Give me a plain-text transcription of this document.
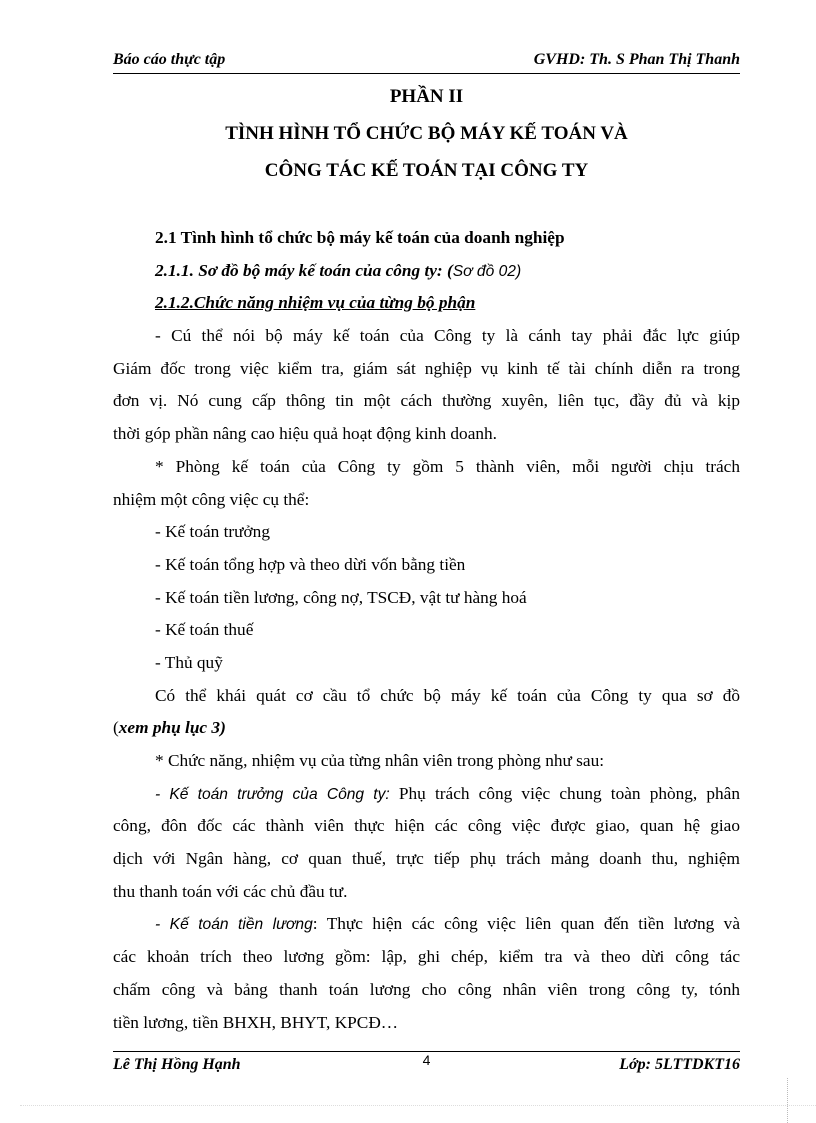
Báo cáo thực tập	GVHD: Th. S Phan Thị Thanh
PHẦN II
TÌNH HÌNH TỔ CHỨC BỘ MÁY KẾ TOÁN VÀ
CÔNG TÁC KẾ TOÁN TẠI CÔNG TY
2.1 Tình hình tổ chức bộ máy kế toán của doanh nghiệp
2.1.1. Sơ đồ bộ máy kế toán của công ty: (Sơ đồ 02)
2.1.2.Chức năng nhiệm vụ của từng bộ phận
- Cú thể nói bộ máy kế toán của Công ty là cánh tay phải đắc lực giúp
Giám đốc trong việc kiểm tra, giám sát nghiệp vụ kinh tế tài chính diễn ra trong
đơn vị. Nó cung cấp thông tin một cách thường xuyên, liên tục, đầy đủ và kịp
thời góp phần nâng cao hiệu quả hoạt động kinh doanh.
* Phòng kế toán của Công ty gồm 5 thành viên, mỗi người chịu trách
nhiệm một công việc cụ thể:
- Kế toán trưởng
- Kế toán tổng hợp và theo dừi vốn bằng tiền
- Kế toán tiền lương, công nợ, TSCĐ, vật tư hàng hoá
- Kế toán thuế
- Thủ quỹ
Có thể khái quát cơ cầu tổ chức bộ máy kế toán của Công ty qua sơ đồ
(xem phụ lục 3)
* Chức năng, nhiệm vụ của từng nhân viên trong phòng như sau:
- Kế toán trưởng của Công ty: Phụ trách công việc chung toàn phòng, phân
công, đôn đốc các thành viên thực hiện các công việc được giao, quan hệ giao
dịch với Ngân hàng, cơ quan thuế, trực tiếp phụ trách mảng doanh thu, nghiệm
thu thanh toán với các chủ đầu tư.
- Kế toán tiền lương: Thực hiện các công việc liên quan đến tiền lương và
các khoản trích theo lương gồm: lập, ghi chép, kiểm tra và theo dừi công tác
chấm công và bảng thanh toán lương cho công nhân viên trong công ty, tónh
tiền lương, tiền BHXH, BHYT, KPCĐ…
Lê Thị Hồng Hạnh	4	Lớp: 5LTTDKT16
